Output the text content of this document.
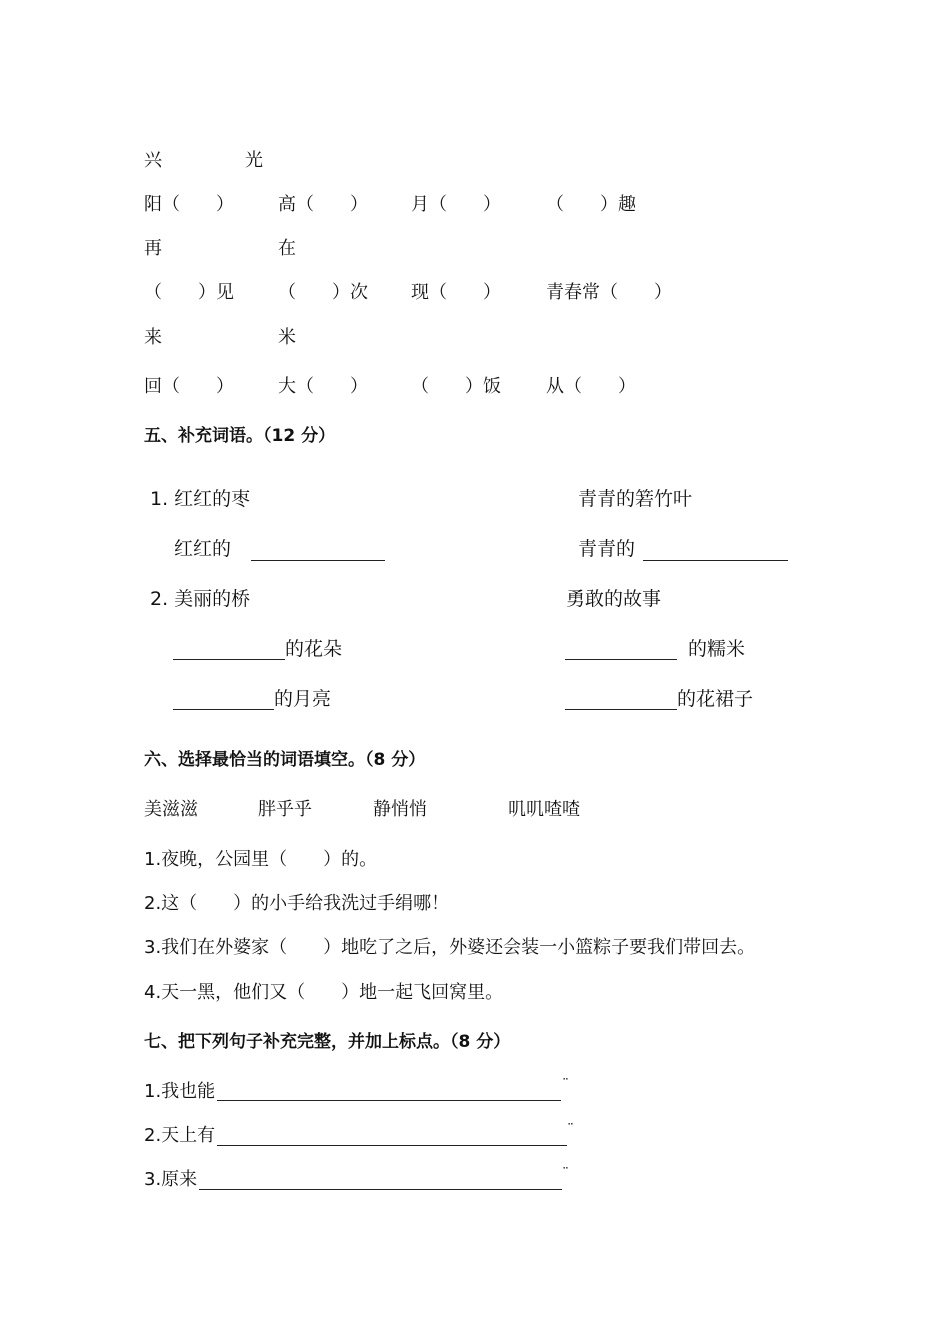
兴	光
阳（　　） 高（　　） 月（　　）	（　　）趣
再	在
（　　）见 （　　）次 现（　　）	青春常（　　）
来	米
回（　　） 大（　　） （　　）饭	从（　　）
五、补充词语。（12 分）
1. 红红的枣	青青的箬竹叶
红红的	青青的
2. 美丽的桥	勇敢的故事
的花朵	的糯米
的月亮	的花裙子
六、选择最恰当的词语填空。（8 分）
美滋滋	胖乎乎	静悄悄	叽叽喳喳
1.夜晚，公园里（　　）的。
2.这（　　）的小手给我洗过手绢哪！
3.我们在外婆家（　　）地吃了之后，外婆还会装一小篮粽子要我们带回去。
4.天一黑，他们又（　　）地一起飞回窝里。
七、把下列句子补充完整，并加上标点。（8 分）
1.我也能	¨
2.天上有	¨
3.原来	¨
